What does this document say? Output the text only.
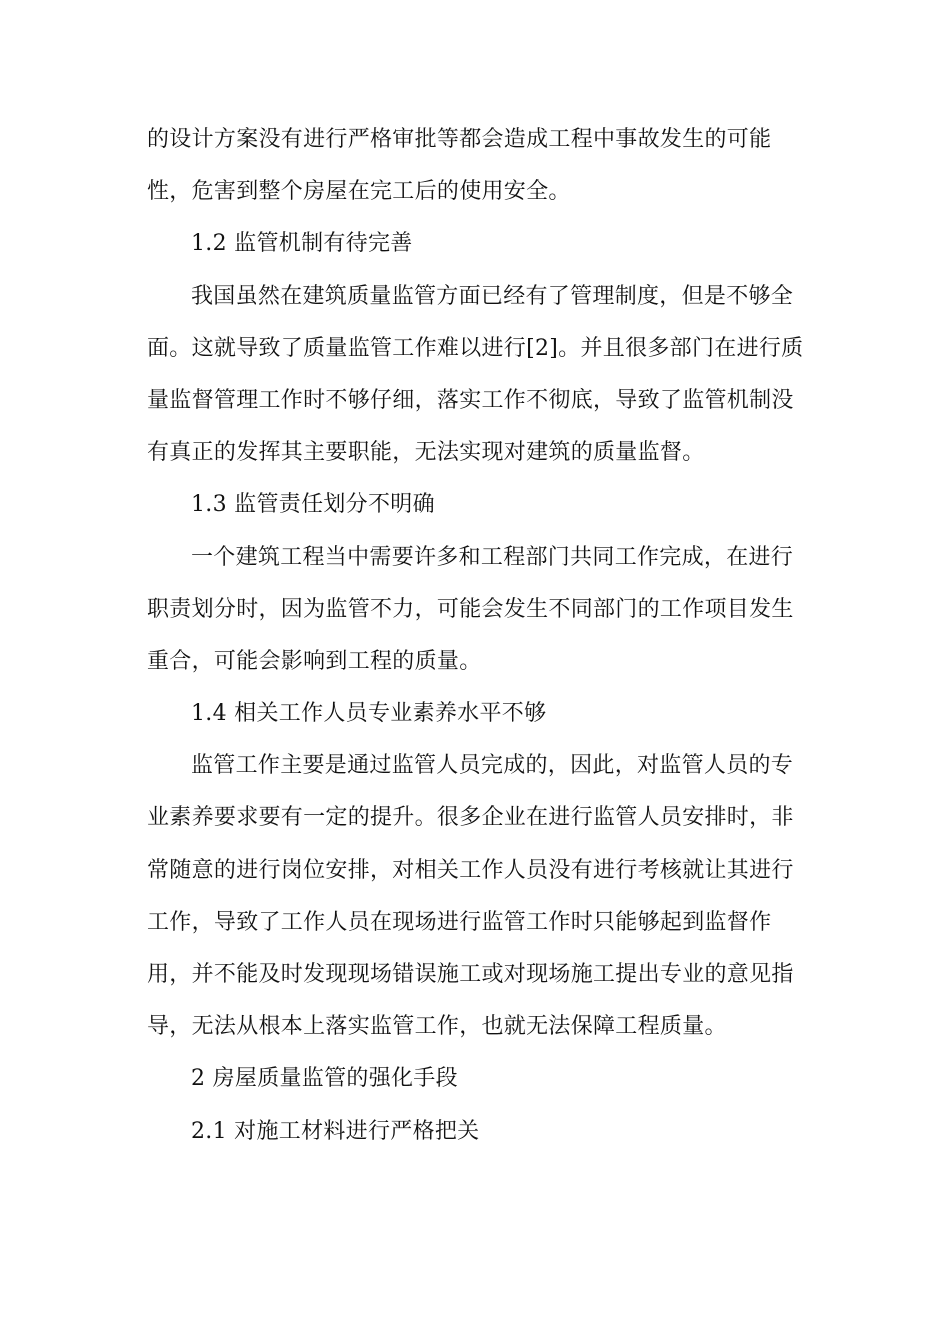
的设计方案没有进行严格审批等都会造成工程中事故发生的可能
性，危害到整个房屋在完工后的使用安全。
1.2 监管机制有待完善
我国虽然在建筑质量监管方面已经有了管理制度，但是不够全
面。这就导致了质量监管工作难以进行[2]。并且很多部门在进行质
量监督管理工作时不够仔细，落实工作不彻底，导致了监管机制没
有真正的发挥其主要职能，无法实现对建筑的质量监督。
1.3 监管责任划分不明确
一个建筑工程当中需要许多和工程部门共同工作完成，在进行
职责划分时，因为监管不力，可能会发生不同部门的工作项目发生
重合，可能会影响到工程的质量。
1.4 相关工作人员专业素养水平不够
监管工作主要是通过监管人员完成的，因此，对监管人员的专
业素养要求要有一定的提升。很多企业在进行监管人员安排时，非
常随意的进行岗位安排，对相关工作人员没有进行考核就让其进行
工作，导致了工作人员在现场进行监管工作时只能够起到监督作
用，并不能及时发现现场错误施工或对现场施工提出专业的意见指
导，无法从根本上落实监管工作，也就无法保障工程质量。
2 房屋质量监管的强化手段
2.1 对施工材料进行严格把关
